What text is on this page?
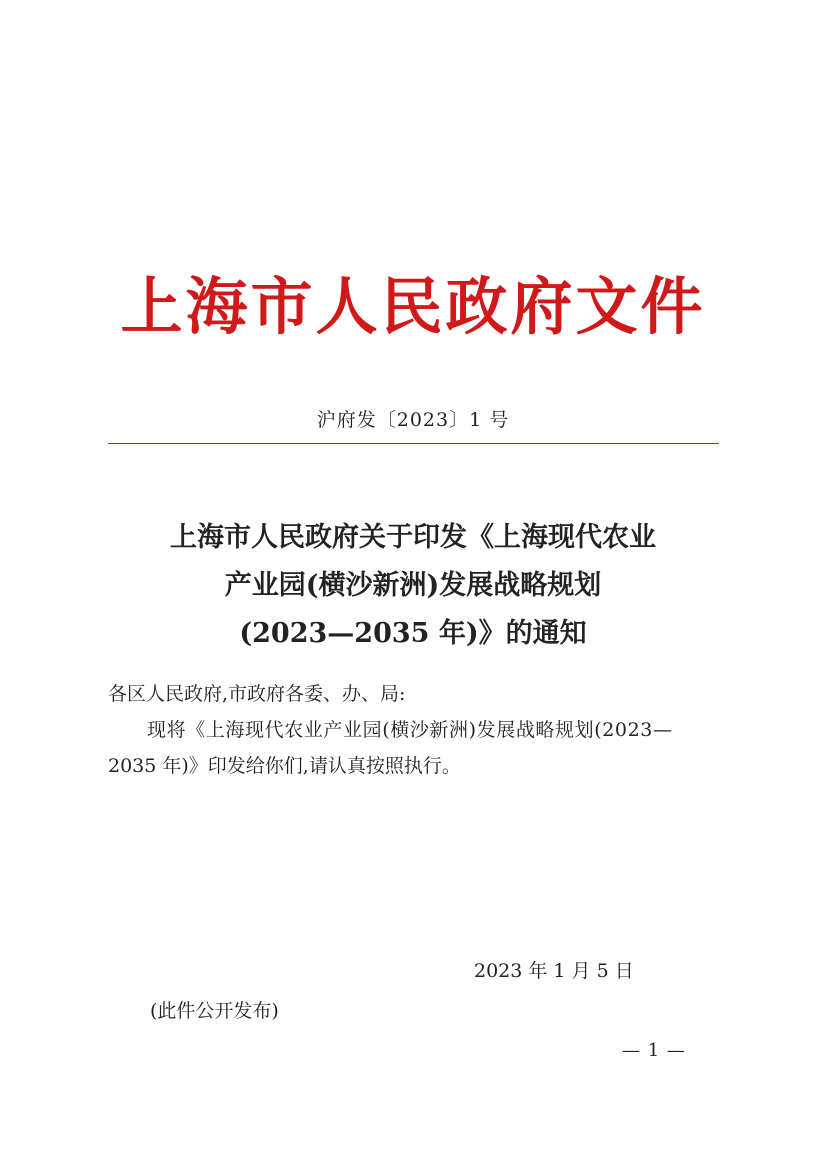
上海市人民政府文件
沪府发〔2023〕1 号
上海市人民政府关于印发《上海现代农业
产业园(横沙新洲)发展战略规划
(2023—2035 年)》的通知
各区人民政府,市政府各委、办、局:
现将《上海现代农业产业园(横沙新洲)发展战略规划(2023—
2035 年)》印发给你们,请认真按照执行。
2023 年 1 月 5 日
(此件公开发布)
— 1 —
